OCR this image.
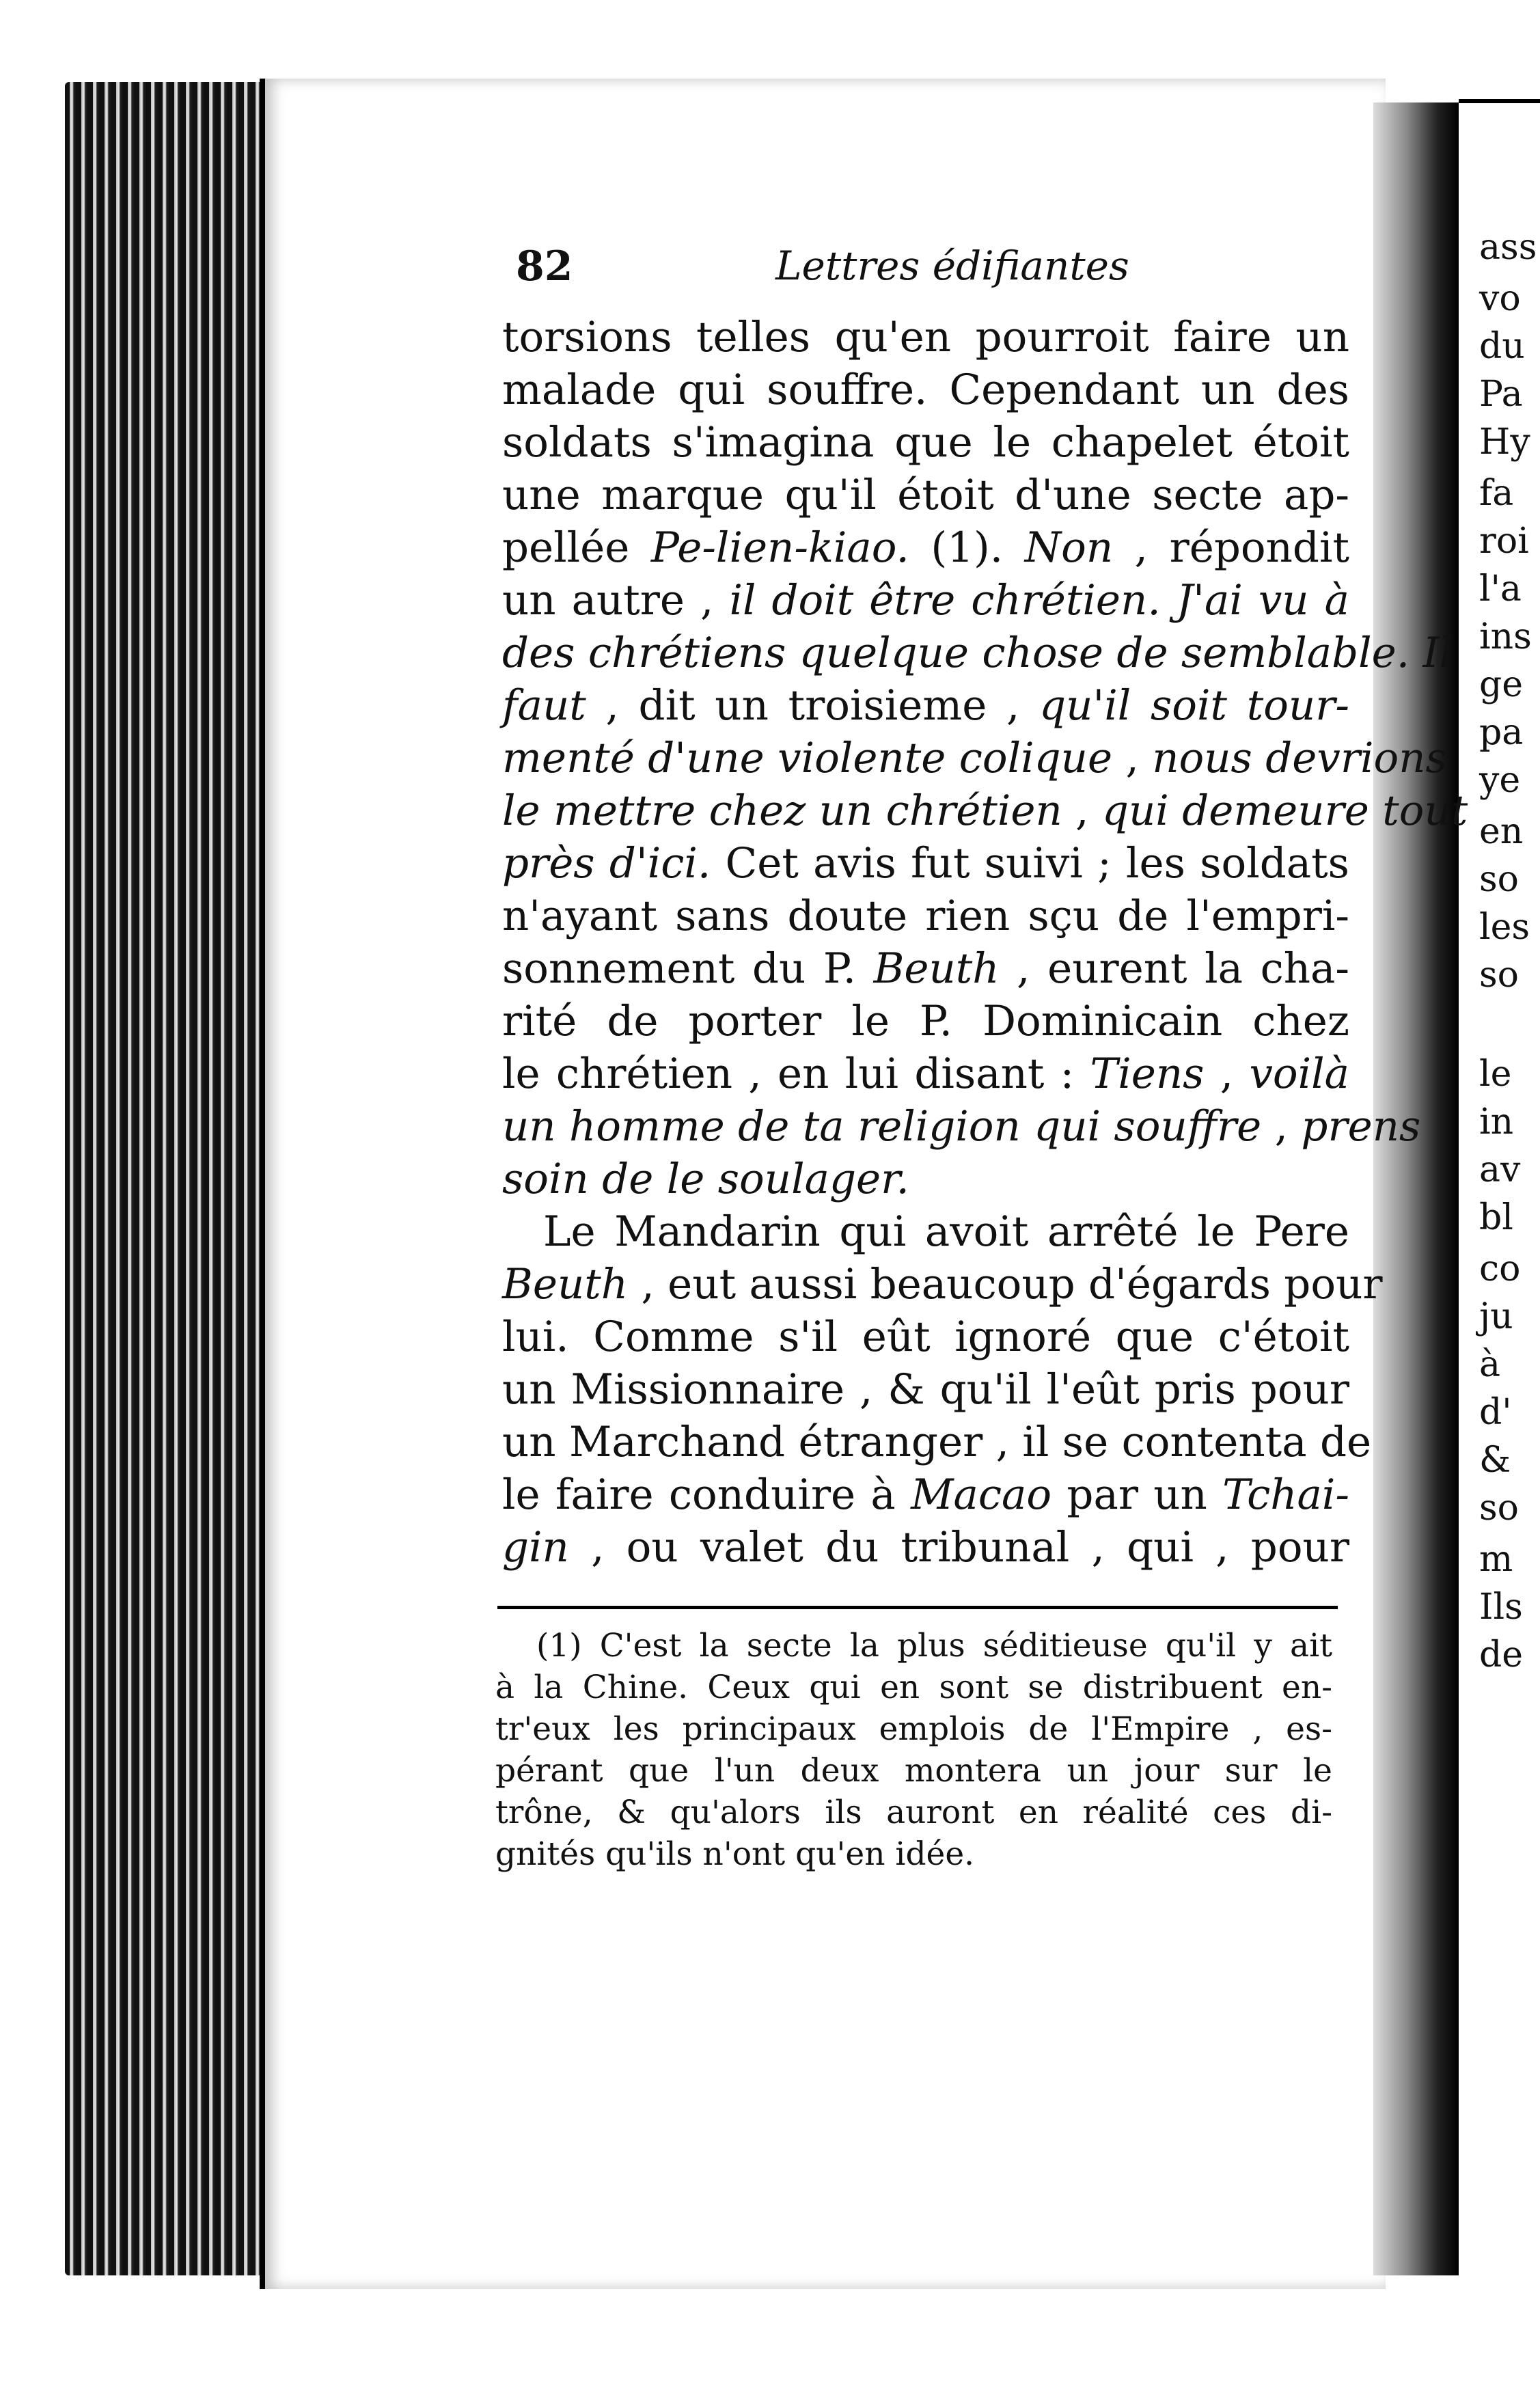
ass
vo
du
Pa
Hy
fa
roi
l'a
ins
ge
pa
ye
en
so
les
so
le
in
av
bl
co
ju
à
d'
&
so
m
Ils
de
82	Lettres édifiantes
torsions telles qu'en pourroit faire un
malade qui souffre. Cependant un des
soldats s'imagina que le chapelet étoit
une marque qu'il étoit d'une secte ap-
pellée Pe-lien-kiao. (1). Non , répondit
un autre , il doit être chrétien. J'ai vu à
des chrétiens quelque chose de semblable. Il
faut , dit un troisieme , qu'il soit tour-
menté d'une violente colique , nous devrions
le mettre chez un chrétien , qui demeure tout
près d'ici. Cet avis fut suivi ; les soldats
n'ayant sans doute rien sçu de l'empri-
sonnement du P. Beuth , eurent la cha-
rité de porter le P. Dominicain chez
le chrétien , en lui disant : Tiens , voilà
un homme de ta religion qui souffre , prens
soin de le soulager.
Le Mandarin qui avoit arrêté le Pere
Beuth , eut aussi beaucoup d'égards pour
lui. Comme s'il eût ignoré que c'étoit
un Missionnaire , & qu'il l'eût pris pour
un Marchand étranger , il se contenta de
le faire conduire à Macao par un Tchai-
gin , ou valet du tribunal , qui , pour
(1) C'est la secte la plus séditieuse qu'il y ait
à la Chine. Ceux qui en sont se distribuent en-
tr'eux les principaux emplois de l'Empire , es-
pérant que l'un deux montera un jour sur le
trône, & qu'alors ils auront en réalité ces di-
gnités qu'ils n'ont qu'en idée.
